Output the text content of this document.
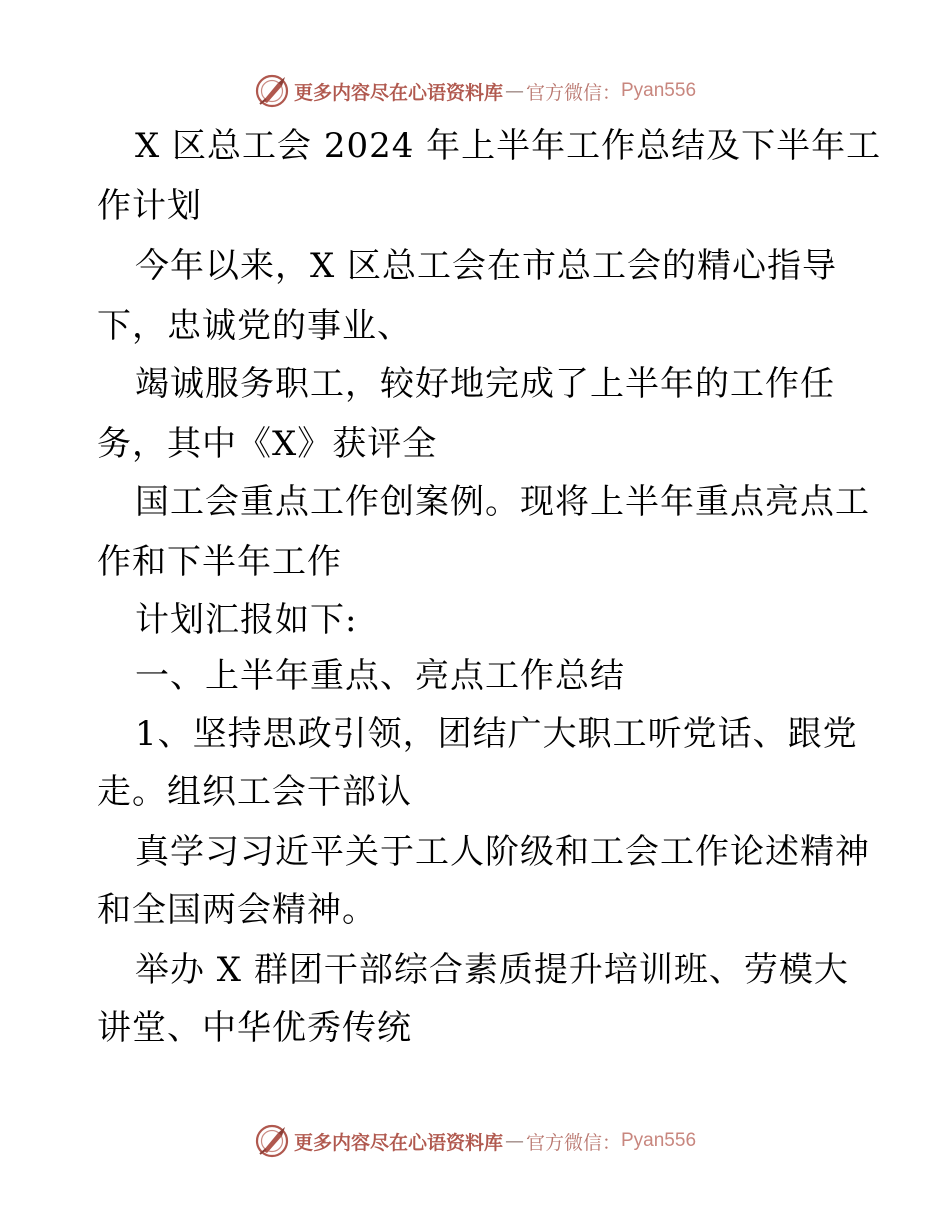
更多内容尽在心语资料库 — 官方微信： Pyan556
X 区总工会 2024 年上半年工作总结及下半年工
作计划
今年以来，X 区总工会在市总工会的精心指导
下，忠诚党的事业、
竭诚服务职工，较好地完成了上半年的工作任
务，其中《X》获评全
国工会重点工作创案例。现将上半年重点亮点工
作和下半年工作
计划汇报如下:
一、上半年重点、亮点工作总结
1、坚持思政引领，团结广大职工听党话、跟党
走。组织工会干部认
真学习习近平关于工人阶级和工会工作论述精神
和全国两会精神。
举办 X 群团干部综合素质提升培训班、劳模大
讲堂、中华优秀传统
更多内容尽在心语资料库 — 官方微信： Pyan556
